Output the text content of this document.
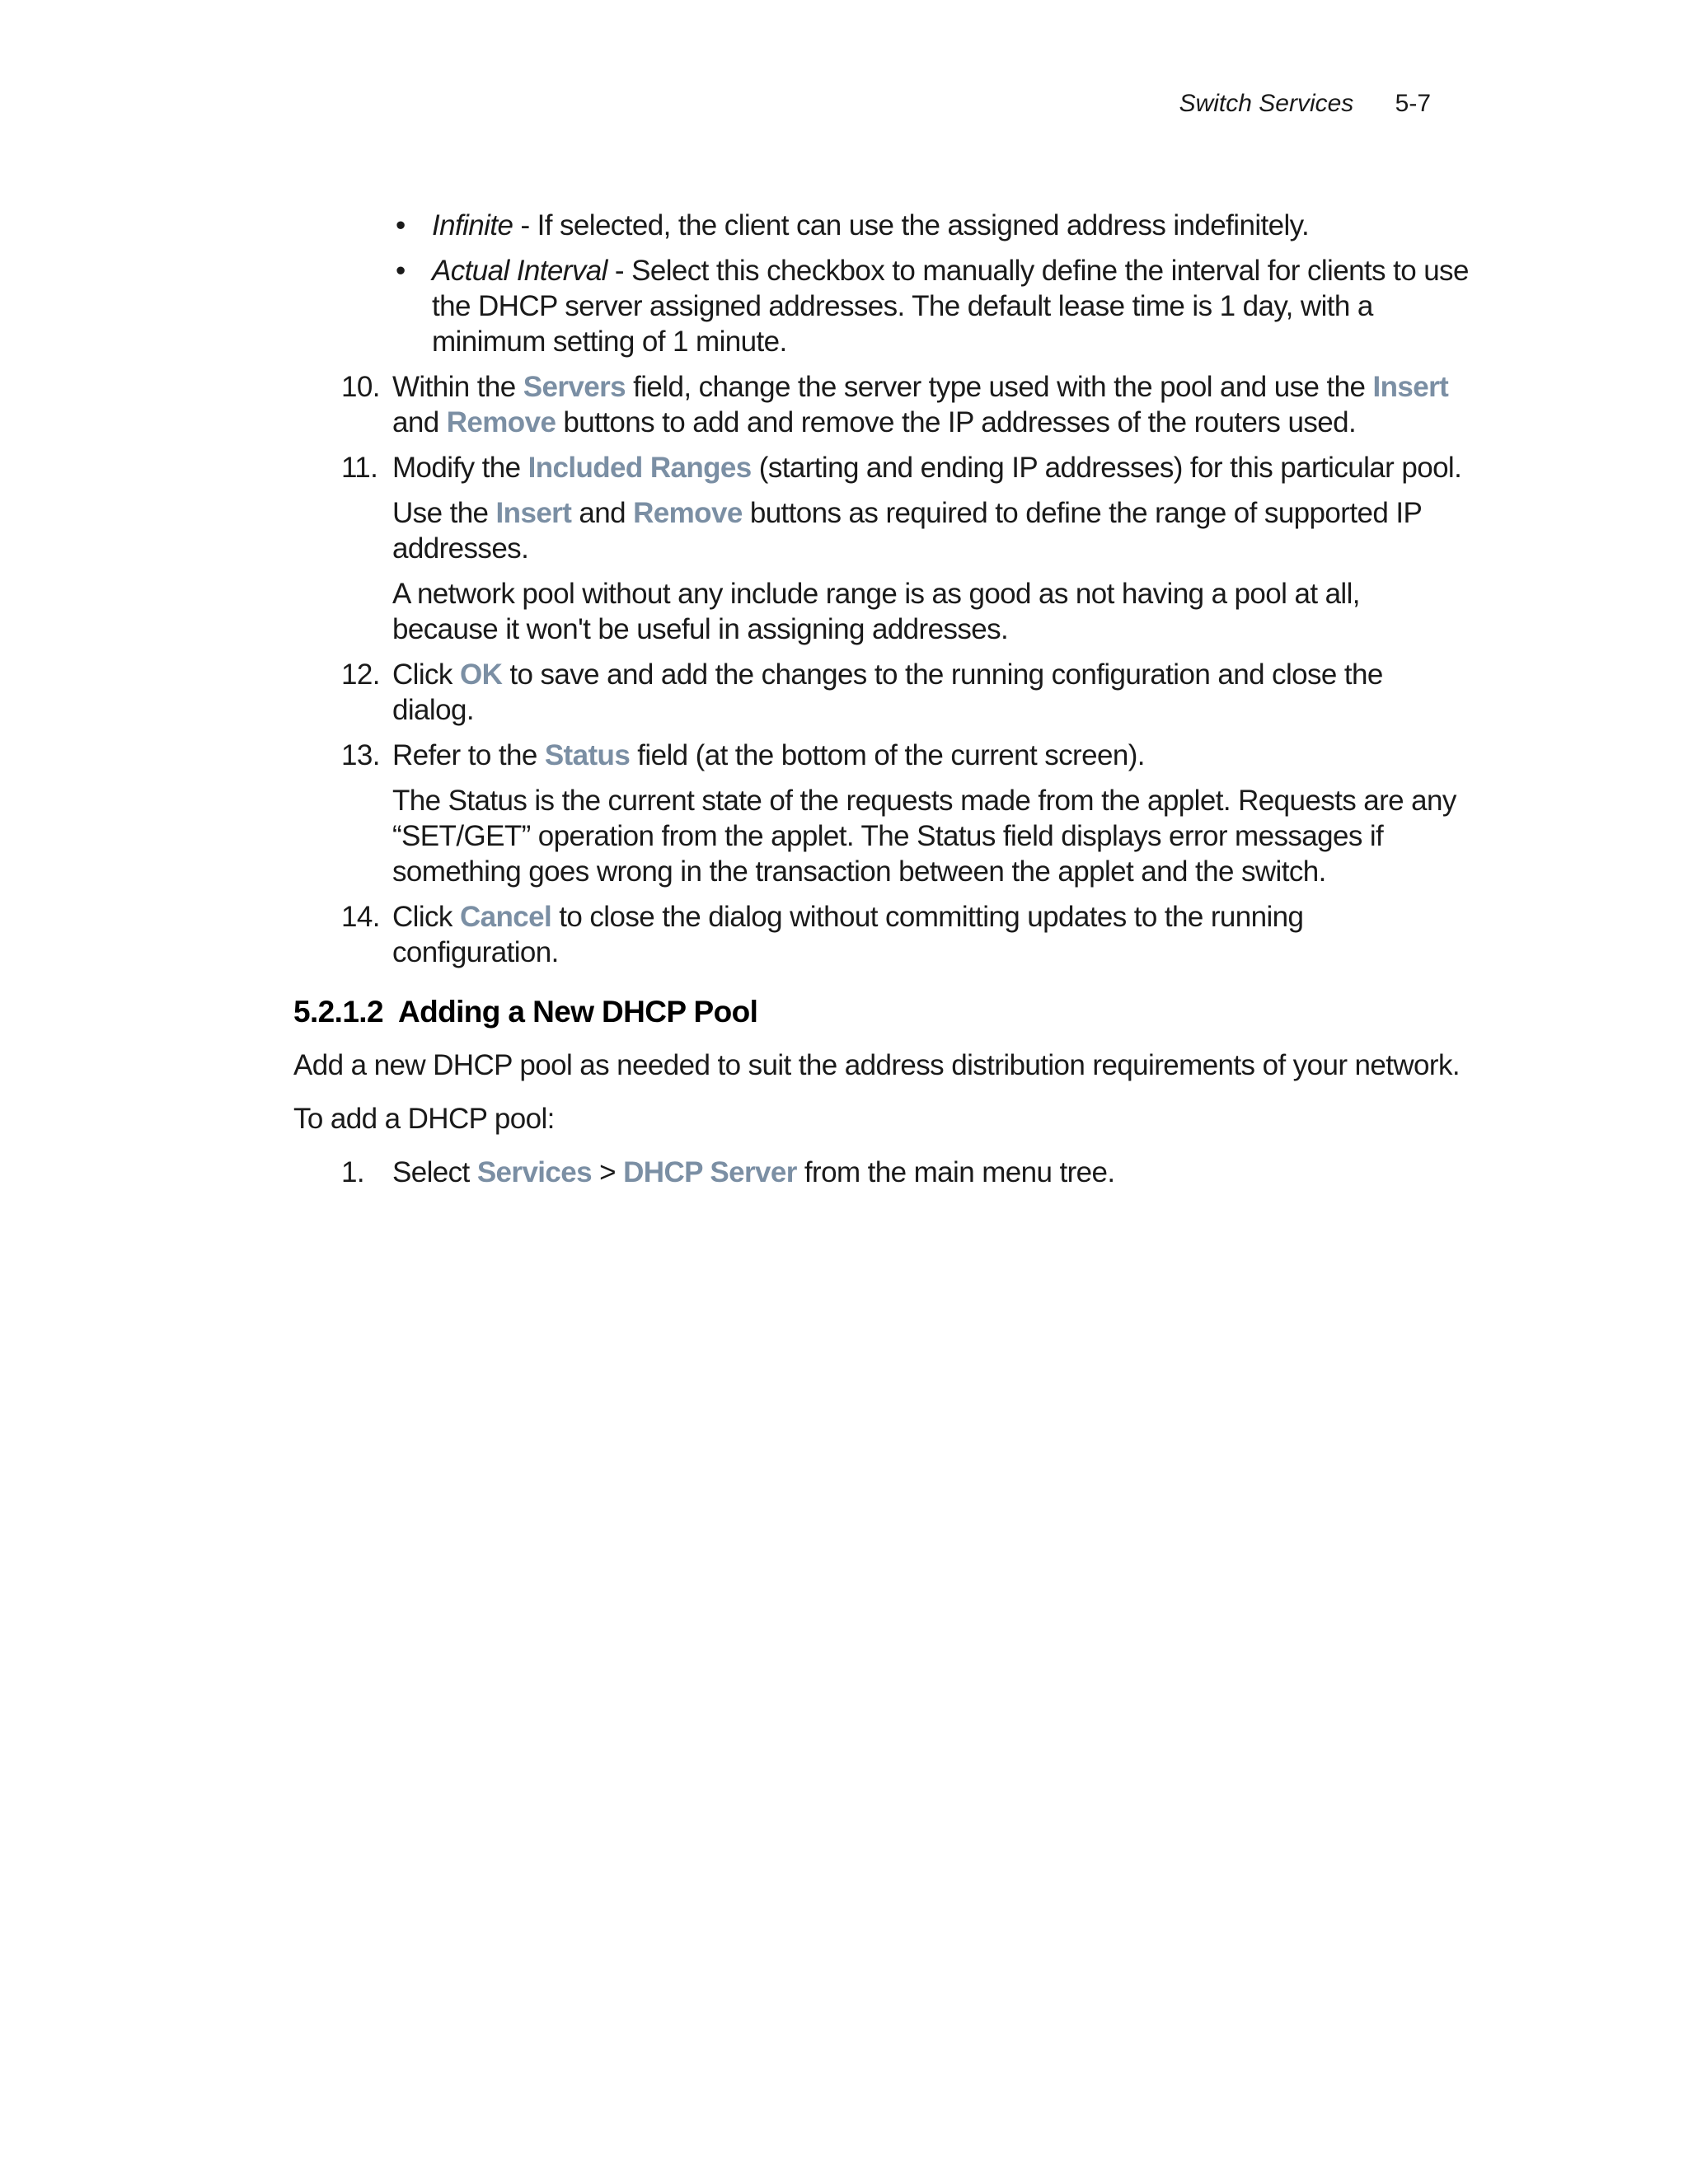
Switch Services 5-7
• Infinite - If selected, the client can use the assigned address indefinitely.
• Actual Interval - Select this checkbox to manually define the interval for clients to use the DHCP server assigned addresses. The default lease time is 1 day, with a minimum setting of 1 minute.
10. Within the Servers field, change the server type used with the pool and use the Insert and Remove buttons to add and remove the IP addresses of the routers used.

11. Modify the Included Ranges (starting and ending IP addresses) for this particular pool.

Use the Insert and Remove buttons as required to define the range of supported IP addresses.

A network pool without any include range is as good as not having a pool at all, because it won't be useful in assigning addresses.

12. Click OK to save and add the changes to the running configuration and close the dialog.

13. Refer to the Status field (at the bottom of the current screen).

The Status is the current state of the requests made from the applet. Requests are any “SET/GET” operation from the applet. The Status field displays error messages if something goes wrong in the transaction between the applet and the switch.

14. Click Cancel to close the dialog without committing updates to the running configuration.

5.2.1.2 Adding a New DHCP Pool

Add a new DHCP pool as needed to suit the address distribution requirements of your network.

To add a DHCP pool:

1. Select Services > DHCP Server from the main menu tree.
